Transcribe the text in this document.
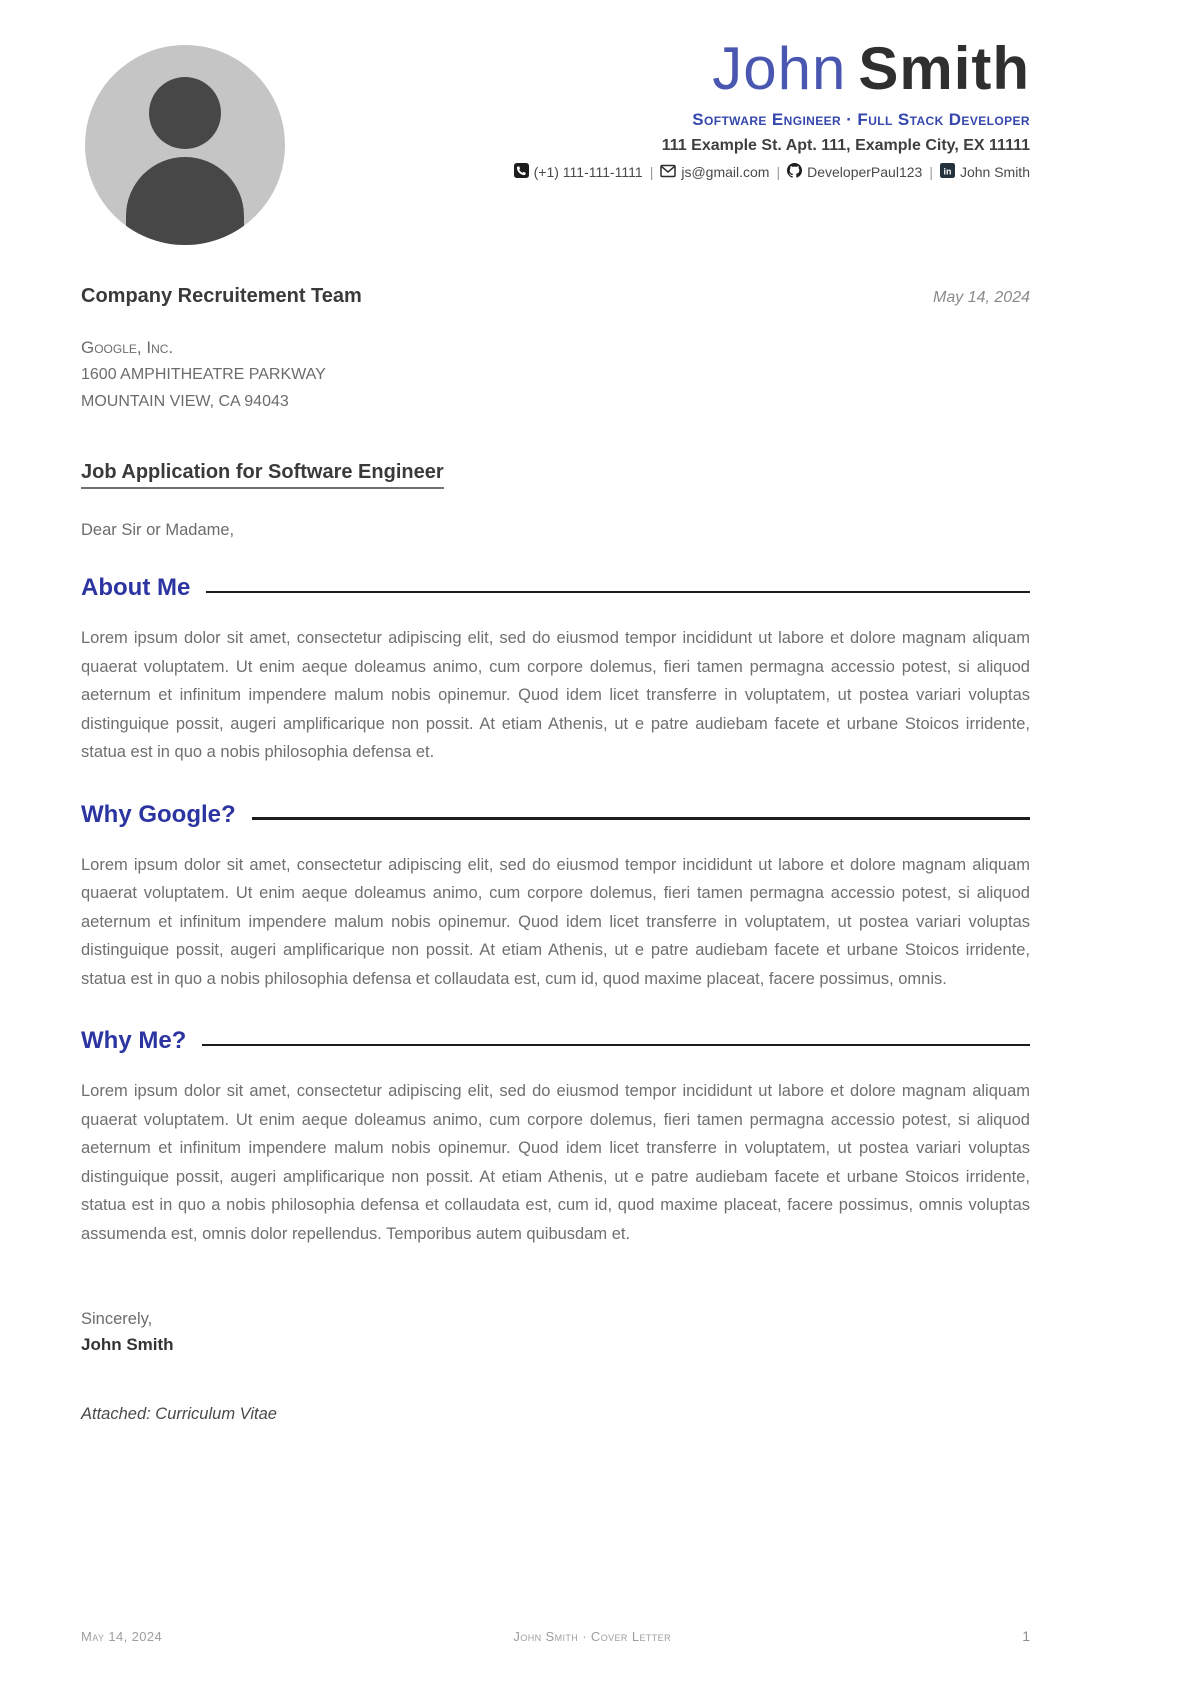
John Smith
Software Engineer · Full Stack Developer
111 Example St. Apt. 111, Example City, EX 11111
(+1) 111-111-1111 | js@gmail.com | DeveloperPaul123 | in John Smith
Company Recruitement Team	May 14, 2024
Google, Inc.
1600 AMPHITHEATRE PARKWAY
MOUNTAIN VIEW, CA 94043
Job Application for Software Engineer
Dear Sir or Madame,
About Me
Lorem ipsum dolor sit amet, consectetur adipiscing elit, sed do eiusmod tempor incididunt ut labore et dolore magnam aliquam quaerat voluptatem. Ut enim aeque doleamus animo, cum corpore dolemus, fieri tamen permagna accessio potest, si aliquod aeternum et infinitum impendere malum nobis opinemur. Quod idem licet transferre in voluptatem, ut postea variari voluptas distinguique possit, augeri amplificarique non possit. At etiam Athenis, ut e patre audiebam facete et urbane Stoicos irridente, statua est in quo a nobis philosophia defensa et.
Why Google?
Lorem ipsum dolor sit amet, consectetur adipiscing elit, sed do eiusmod tempor incididunt ut labore et dolore magnam aliquam quaerat voluptatem. Ut enim aeque doleamus animo, cum corpore dolemus, fieri tamen permagna accessio potest, si aliquod aeternum et infinitum impendere malum nobis opinemur. Quod idem licet transferre in voluptatem, ut postea variari voluptas distinguique possit, augeri amplificarique non possit. At etiam Athenis, ut e patre audiebam facete et urbane Stoicos irridente, statua est in quo a nobis philosophia defensa et collaudata est, cum id, quod maxime placeat, facere possimus, omnis.
Why Me?
Lorem ipsum dolor sit amet, consectetur adipiscing elit, sed do eiusmod tempor incididunt ut labore et dolore magnam aliquam quaerat voluptatem. Ut enim aeque doleamus animo, cum corpore dolemus, fieri tamen permagna accessio potest, si aliquod aeternum et infinitum impendere malum nobis opinemur. Quod idem licet transferre in voluptatem, ut postea variari voluptas distinguique possit, augeri amplificarique non possit. At etiam Athenis, ut e patre audiebam facete et urbane Stoicos irridente, statua est in quo a nobis philosophia defensa et collaudata est, cum id, quod maxime placeat, facere possimus, omnis voluptas assumenda est, omnis dolor repellendus. Temporibus autem quibusdam et.
Sincerely,
John Smith
Attached: Curriculum Vitae
May 14, 2024	John Smith · Cover Letter	1
